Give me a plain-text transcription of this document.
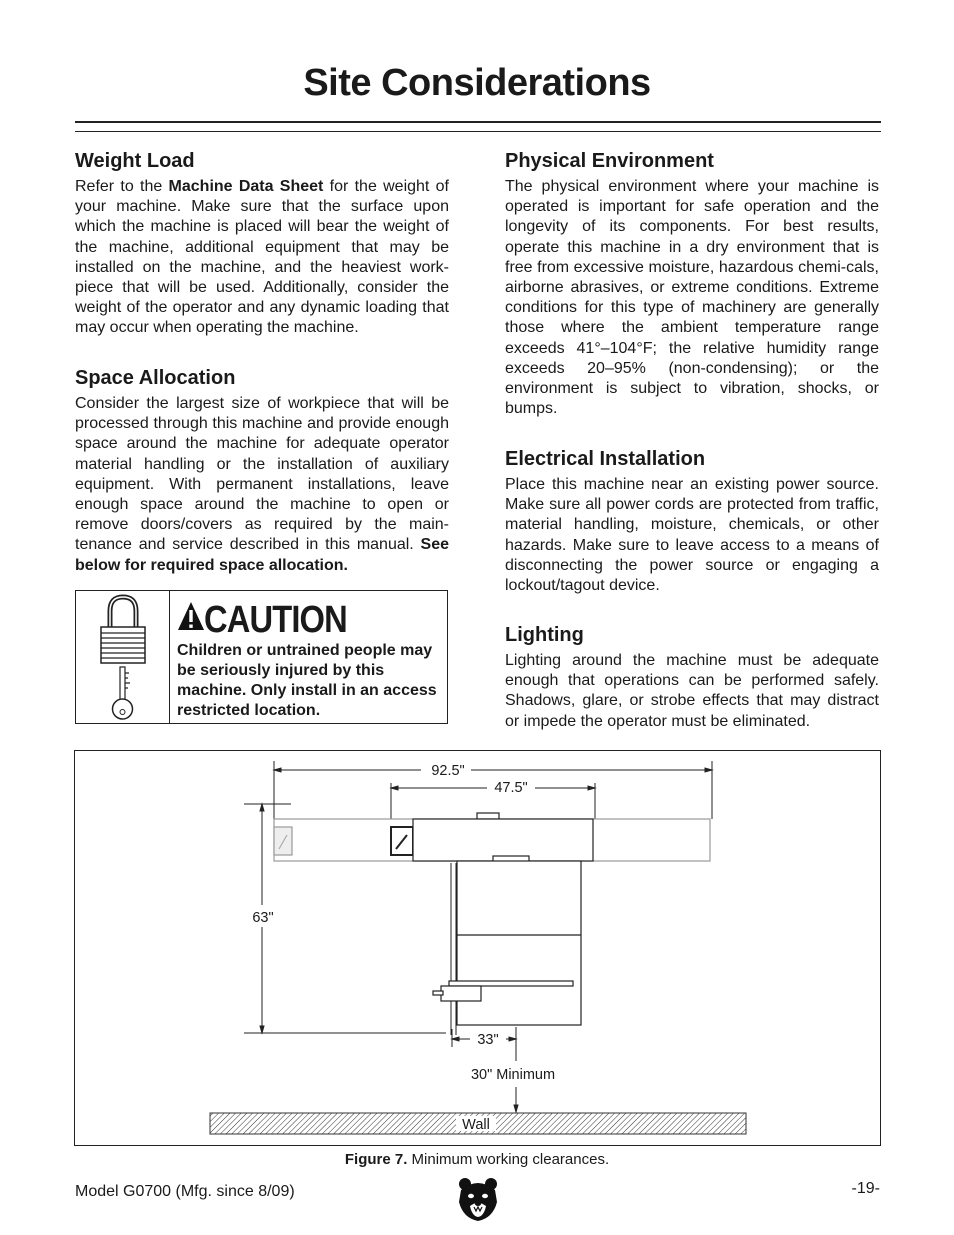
Site Considerations
Weight Load

Refer to the Machine Data Sheet for the weight of your machine. Make sure that the surface upon which the machine is placed will bear the weight of the machine, additional equipment that may be installed on the machine, and the heaviest work-piece that will be used. Additionally, consider the weight of the operator and any dynamic loading that may occur when operating the machine.

Space Allocation

Consider the largest size of workpiece that will be processed through this machine and provide enough space around the machine for adequate operator material handling or the installation of auxiliary equipment. With permanent installations, leave enough space around the machine to open or remove doors/covers as required by the main-tenance and service described in this manual. See below for required space allocation.

CAUTION
Children or untrained people may be seriously injured by this machine. Only install in an access restricted location.
Physical Environment

The physical environment where your machine is operated is important for safe operation and the longevity of its components. For best results, operate this machine in a dry environment that is free from excessive moisture, hazardous chemi-cals, airborne abrasives, or extreme conditions. Extreme conditions for this type of machinery are generally those where the ambient temperature range exceeds 41°–104°F; the relative humidity range exceeds 20–95% (non-condensing); or the environment is subject to vibration, shocks, or bumps.

Electrical Installation

Place this machine near an existing power source. Make sure all power cords are protected from traffic, material handling, moisture, chemicals, or other hazards. Make sure to leave access to a means of disconnecting the power source or engaging a lockout/tagout device.

Lighting

Lighting around the machine must be adequate enough that operations can be performed safely. Shadows, glare, or strobe effects that may distract or impede the operator must be eliminated.

92.5"
47.5"
63"
33"
30" Minimum
Wall
Figure 7. Minimum working clearances.
Model G0700 (Mfg. since 8/09)	-19-
